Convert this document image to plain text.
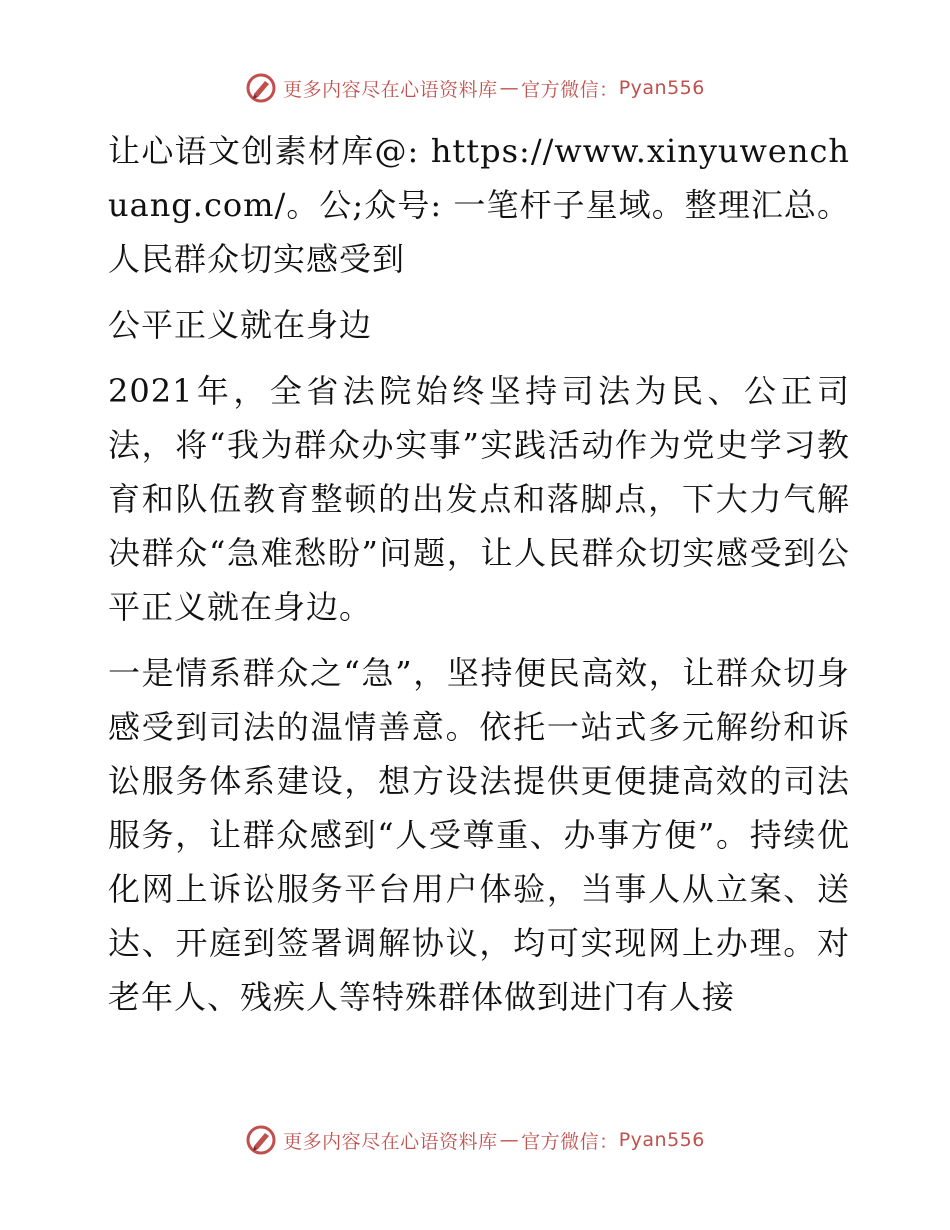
更多内容尽在心语资料库 — 官方微信： Pyan556

让心语文创素材库@: https://www.xinyuwenchuang.com/。公;众号: 一笔杆子星域。整理汇总。人民群众切实感受到

公平正义就在身边

2021年，全省法院始终坚持司法为民、公正司法，将“我为群众办实事”实践活动作为党史学习教育和队伍教育整顿的出发点和落脚点，下大力气解决群众“急难愁盼”问题，让人民群众切实感受到公平正义就在身边。

一是情系群众之“急”，坚持便民高效，让群众切身感受到司法的温情善意。依托一站式多元解纷和诉讼服务体系建设，想方设法提供更便捷高效的司法服务，让群众感到“人受尊重、办事方便”。持续优化网上诉讼服务平台用户体验，当事人从立案、送达、开庭到签署调解协议，均可实现网上办理。对老年人、残疾人等特殊群体做到进门有人接

更多内容尽在心语资料库 — 官方微信： Pyan556
